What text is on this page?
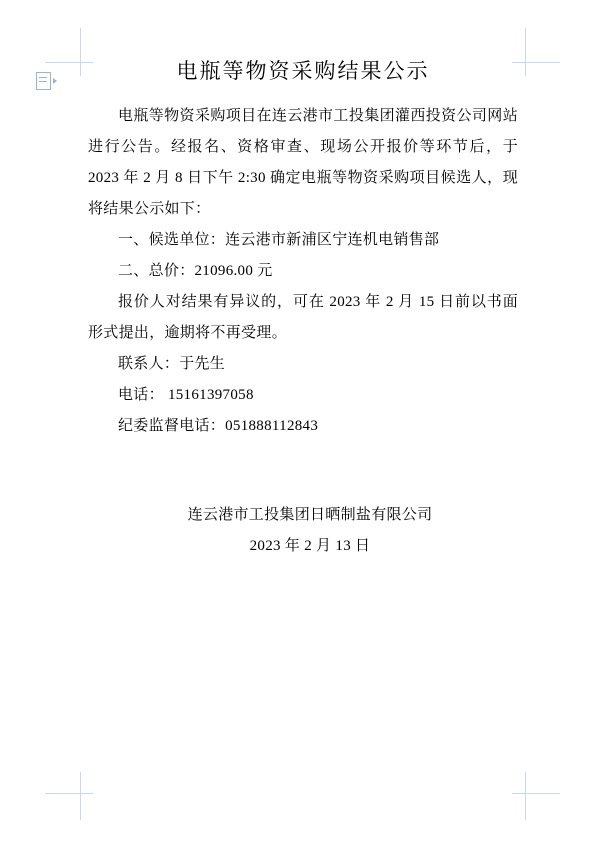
电瓶等物资采购结果公示

电瓶等物资采购项目在连云港市工投集团灌西投资公司网站进行公告。经报名、资格审查、现场公开报价等环节后，于 2023 年 2 月 8 日下午 2:30 确定电瓶等物资采购项目候选人，现将结果公示如下：

一、候选单位：连云港市新浦区宁连机电销售部

二、总价：21096.00 元

报价人对结果有异议的，可在 2023 年 2 月 15 日前以书面形式提出，逾期将不再受理。

联系人：于先生

电话： 15161397058

纪委监督电话：051888112843

连云港市工投集团日晒制盐有限公司

2023 年 2 月 13 日
